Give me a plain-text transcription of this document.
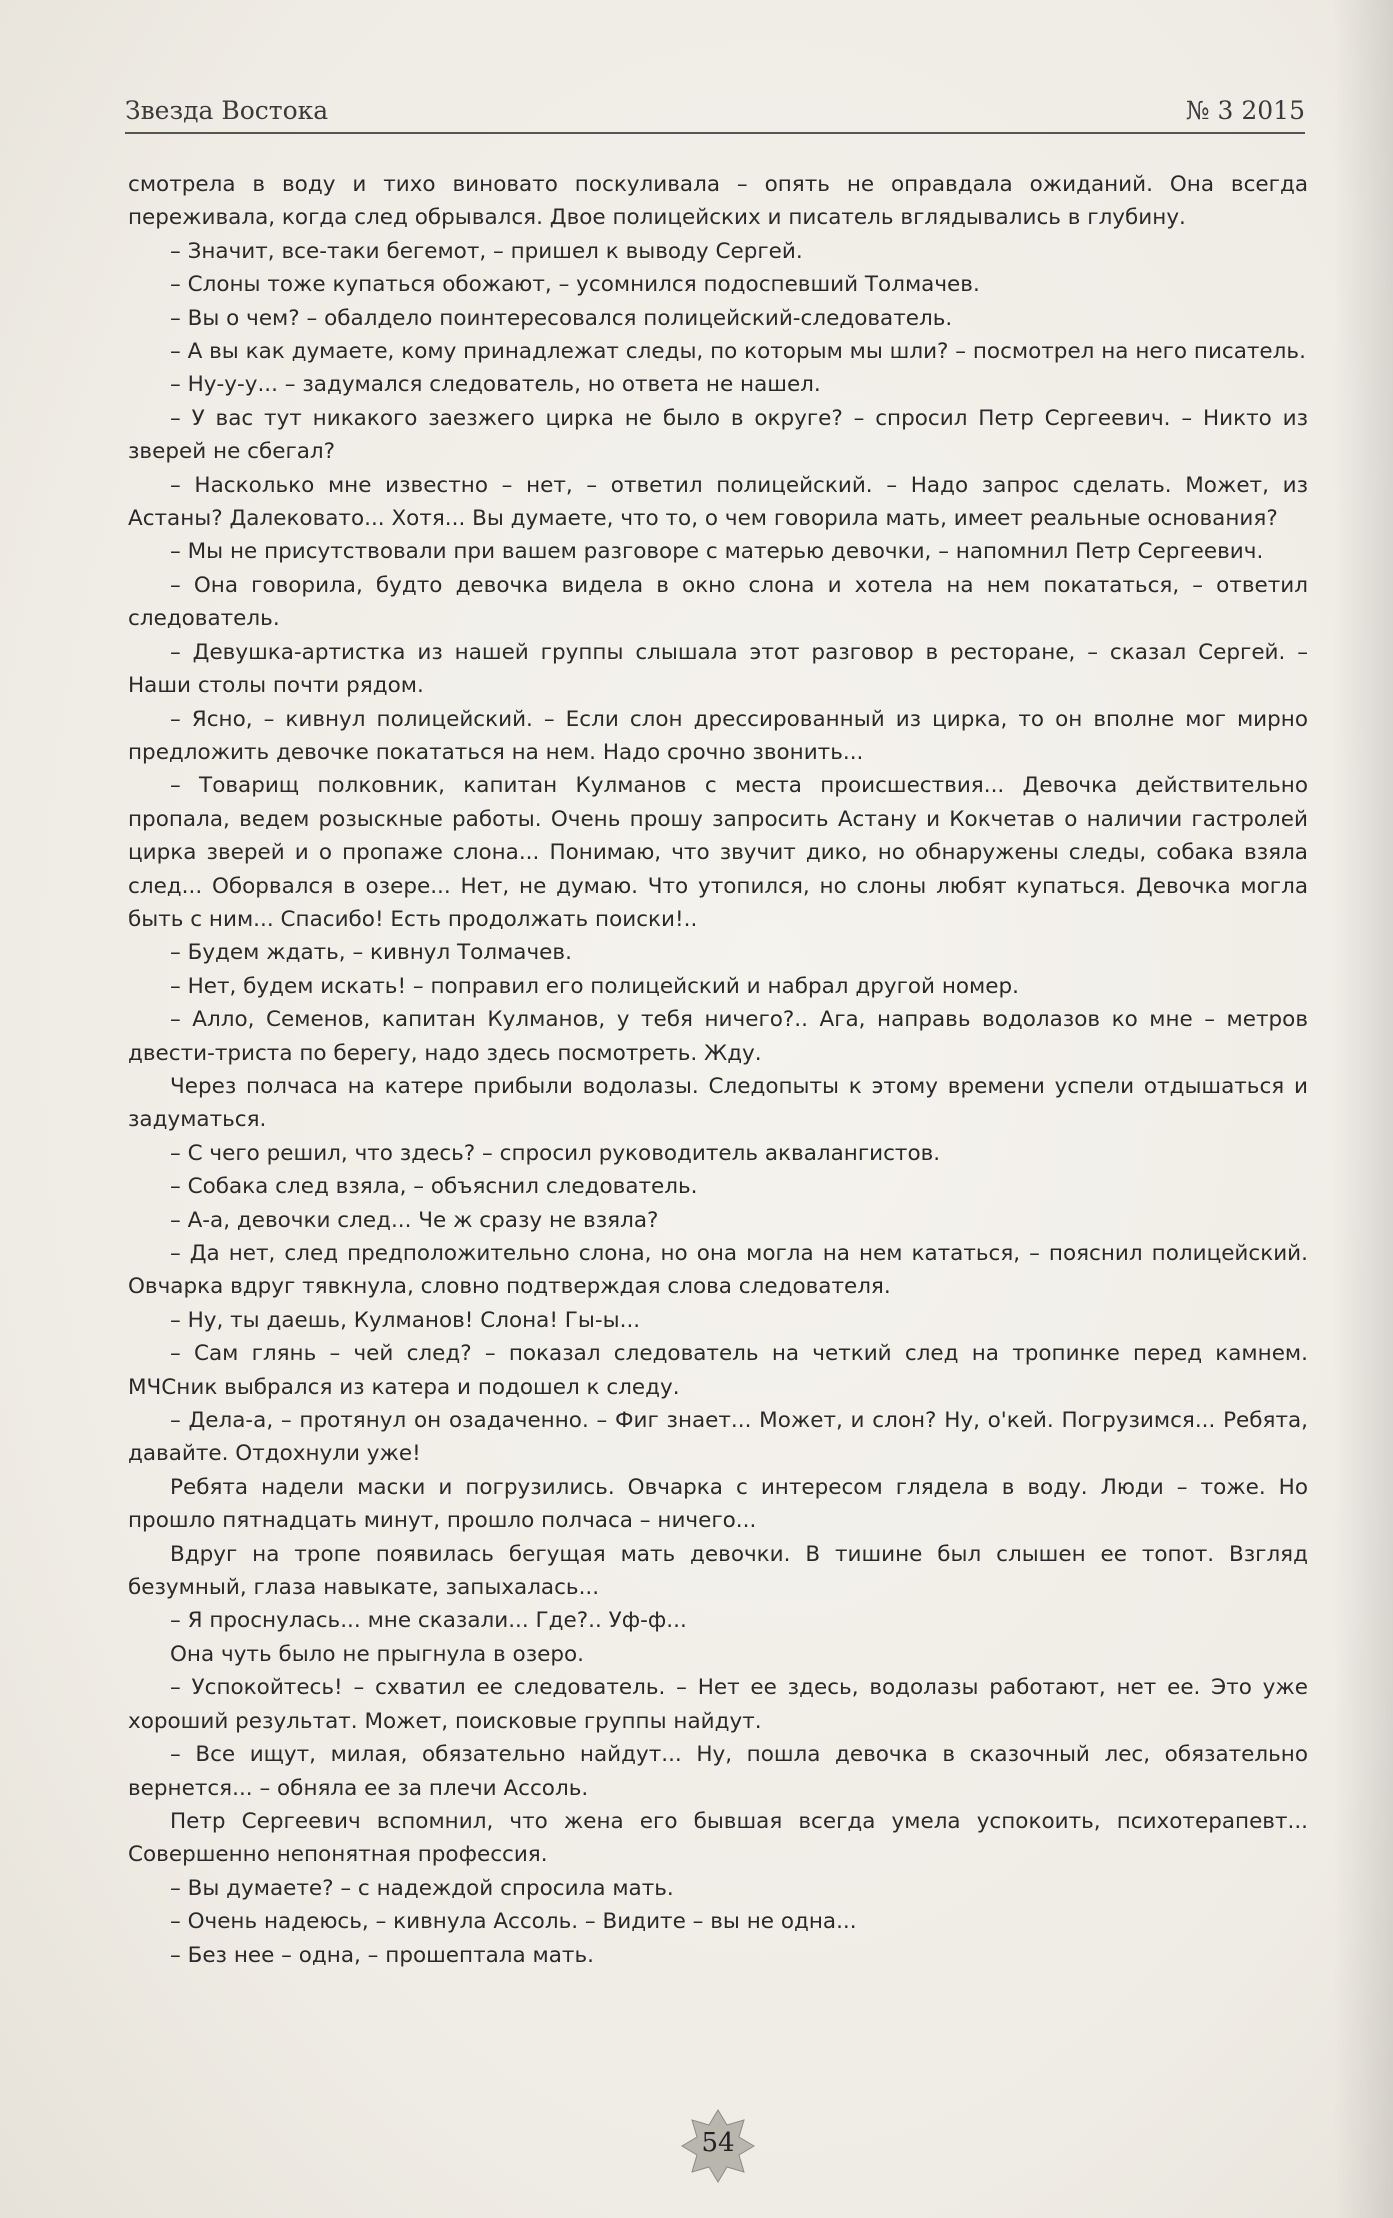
Звезда Востока	№ 3 2015

смотрела в воду и тихо виновато поскуливала – опять не оправдала ожиданий. Она всегда переживала, когда след обрывался. Двое полицейских и писатель вглядывались в глубину.

– Значит, все-таки бегемот, – пришел к выводу Сергей.

– Слоны тоже купаться обожают, – усомнился подоспевший Толмачев.

– Вы о чем? – обалдело поинтересовался полицейский-следователь.

– А вы как думаете, кому принадлежат следы, по которым мы шли? – посмотрел на него писатель.

– Ну-у-у... – задумался следователь, но ответа не нашел.

– У вас тут никакого заезжего цирка не было в округе? – спросил Петр Сергеевич. – Никто из зверей не сбегал?

– Насколько мне известно – нет, – ответил полицейский. – Надо запрос сделать. Может, из Астаны? Далековато... Хотя... Вы думаете, что то, о чем говорила мать, имеет реальные основания?

– Мы не присутствовали при вашем разговоре с матерью девочки, – напомнил Петр Сергеевич.

– Она говорила, будто девочка видела в окно слона и хотела на нем покататься, – ответил следователь.

– Девушка-артистка из нашей группы слышала этот разговор в ресторане, – сказал Сергей. – Наши столы почти рядом.

– Ясно, – кивнул полицейский. – Если слон дрессированный из цирка, то он вполне мог мирно предложить девочке покататься на нем. Надо срочно звонить...

– Товарищ полковник, капитан Кулманов с места происшествия... Девочка действительно пропала, ведем розыскные работы. Очень прошу запросить Астану и Кокчетав о наличии гастролей цирка зверей и о пропаже слона... Понимаю, что звучит дико, но обнаружены следы, собака взяла след... Оборвался в озере... Нет, не думаю. Что утопился, но слоны любят купаться. Девочка могла быть с ним... Спасибо! Есть продолжать поиски!..

– Будем ждать, – кивнул Толмачев.

– Нет, будем искать! – поправил его полицейский и набрал другой номер.

– Алло, Семенов, капитан Кулманов, у тебя ничего?.. Ага, направь водолазов ко мне – метров двести-триста по берегу, надо здесь посмотреть. Жду.

Через полчаса на катере прибыли водолазы. Следопыты к этому времени успели отдышаться и задуматься.

– С чего решил, что здесь? – спросил руководитель аквалангистов.

– Собака след взяла, – объяснил следователь.

– А-а, девочки след... Че ж сразу не взяла?

– Да нет, след предположительно слона, но она могла на нем кататься, – пояснил полицейский. Овчарка вдруг тявкнула, словно подтверждая слова следователя.

– Ну, ты даешь, Кулманов! Слона! Гы-ы...

– Сам глянь – чей след? – показал следователь на четкий след на тропинке перед камнем. МЧСник выбрался из катера и подошел к следу.

– Дела-а, – протянул он озадаченно. – Фиг знает... Может, и слон? Ну, о'кей. Погрузимся... Ребята, давайте. Отдохнули уже!

Ребята надели маски и погрузились. Овчарка с интересом глядела в воду. Люди – тоже. Но прошло пятнадцать минут, прошло полчаса – ничего...

Вдруг на тропе появилась бегущая мать девочки. В тишине был слышен ее топот. Взгляд безумный, глаза навыкате, запыхалась...

– Я проснулась... мне сказали... Где?.. Уф-ф...

Она чуть было не прыгнула в озеро.

– Успокойтесь! – схватил ее следователь. – Нет ее здесь, водолазы работают, нет ее. Это уже хороший результат. Может, поисковые группы найдут.

– Все ищут, милая, обязательно найдут... Ну, пошла девочка в сказочный лес, обязательно вернется... – обняла ее за плечи Ассоль.

Петр Сергеевич вспомнил, что жена его бывшая всегда умела успокоить, психотерапевт... Совершенно непонятная профессия.

– Вы думаете? – с надеждой спросила мать.

– Очень надеюсь, – кивнула Ассоль. – Видите – вы не одна...

– Без нее – одна, – прошептала мать.

54
